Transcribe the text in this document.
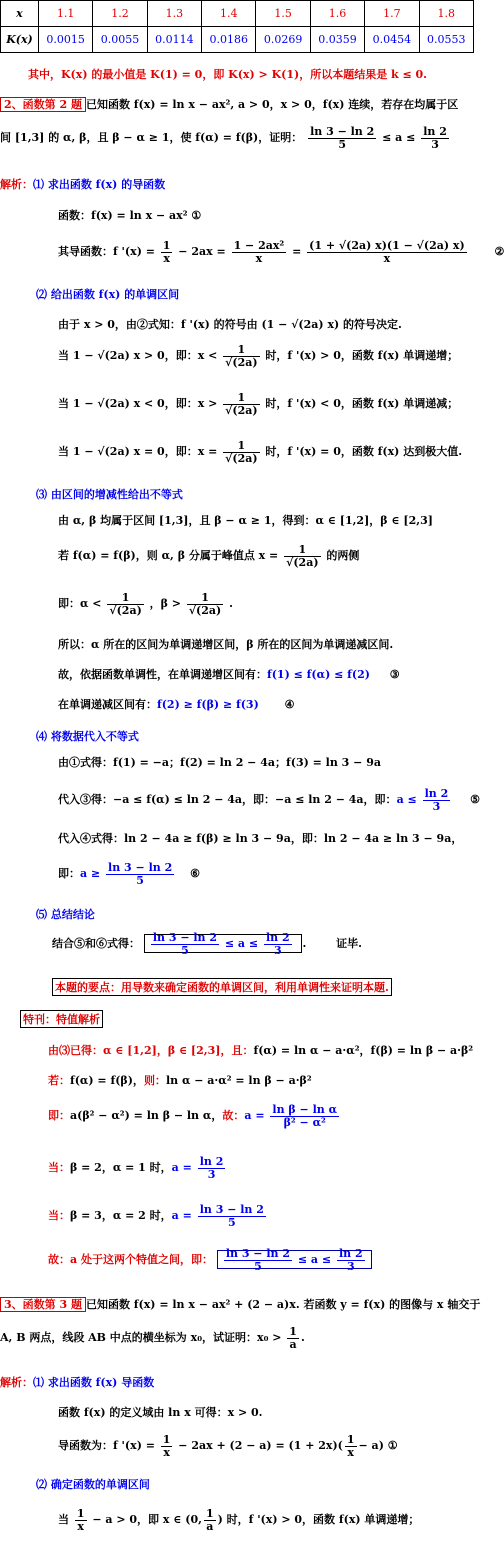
x	1.1	1.2	1.3	1.4	1.5	1.6	1.7	1.8
K(x)	0.0015	0.0055	0.0114	0.0186	0.0269	0.0359	0.0454	0.0553
其中，K(x) 的最小值是 K(1) = 0，即 K(x) > K(1)，所以本题结果是 k ≤ 0.
2、函数第 2 题 已知函数 f(x) = ln x − ax², a > 0，x > 0，f(x) 连续，若存在均属于区
间 [1,3] 的 α, β，且 β − α ≥ 1，使 f(α) = f(β)，证明： $\frac{\ln 3 - \ln 2}{5} \le a \le \frac{\ln 2}{3}$
解析：⑴ 求出函数 f(x) 的导函数
函数：f(x) = ln x − ax² ①
其导函数：f '$(x) = \frac{1}{x} - 2ax = \frac{\text{1 − 2ax²}}{x} = \frac{(1 + √(2a) x)(1 - √(2a) x)}{x}$	②
⑵ 给出函数 f(x) 的单调区间
由于 x > 0，由②式知：f '(x) 的符号由 (1 − √(2a) x) 的符号决定.
当 1 − √(2a) x > 0，即：$x < \frac{1}{√(2a)}$ 时，f '(x) > 0，函数 f(x) 单调递增；
当 1 − √(2a) x < 0，即：$x > \frac{1}{√(2a)}$ 时，f '(x) < 0，函数 f(x) 单调递减；
当 1 − √(2a) x = 0，即：$x = \frac{1}{√(2a)}$ 时，f '(x) = 0，函数 f(x) 达到极大值.
⑶ 由区间的增减性给出不等式
由 α, β 均属于区间 [1,3]，且 β − α ≥ 1，得到：α ∈ [1,2]，β ∈ [2,3]
若 f(α) = f(β)，则 α, β 分属于峰值点 $x = \frac{1}{√(2a)}$ 的两侧
即：$\alpha < \frac{1}{√(2a)}$ ，$\beta > \frac{1}{√(2a)}$ .
所以：α 所在的区间为单调递增区间，β 所在的区间为单调递减区间.
故，依据函数单调性，在单调递增区间有：f(1) ≤ f(α) ≤ f(2) ③
在单调递减区间有：f(2) ≥ f(β) ≥ f(3) ④
⑷ 将数据代入不等式
由①式得：f(1) = −a；f(2) = ln 2 − 4a；f(3) = ln 3 − 9a
代入③得：−a ≤ f(α) ≤ ln 2 − 4a，即：−a ≤ ln 2 − 4a，即：$a \le \frac{\ln 2}{3}$ ⑤
代入④式得：ln 2 − 4a ≥ f(β) ≥ ln 3 − 9a，即：ln 2 − 4a ≥ ln 3 − 9a，
即：$a \ge \frac{\ln 3 - \ln 2}{5}$ ⑥
⑸ 总结结论
结合⑤和⑥式得： $\frac{\ln 3 - \ln 2}{5} \le a \le \frac{\ln 2}{3}$ .	证毕.
本题的要点：用导数来确定函数的单调区间，利用单调性来证明本题.
特刊：特值解析
由⑶已得：α ∈ [1,2]，β ∈ [2,3]，且：f(α) = ln α − a·α²，f(β) = ln β − a·β²
若：f(α) = f(β)，则：ln α − a·α² = ln β − a·β²
即：a(β² − α²) = ln β − ln α，故：$a = \frac{\text{ln β − ln α}}{\text{β² − α²}}$
当：β = 2，α = 1 时，$a = \frac{\ln 2}{3}$
当：β = 3，α = 2 时，$a = \frac{\ln 3 - \ln 2}{5}$
故：a 处于这两个特值之间，即： $\frac{\ln 3 - \ln 2}{5} \le a \le \frac{\ln 2}{3}$
3、函数第 3 题 已知函数 f(x) = ln x − ax² + (2 − a)x. 若函数 y = f(x) 的图像与 x 轴交于
A, B 两点，线段 AB 中点的横坐标为 x₀，试证明：$x_0 > \frac{1}{a}$ .
解析：⑴ 求出函数 f(x) 导函数
函数 f(x) 的定义域由 ln x 可得：x > 0.
导函数为：f '$(x) = \frac{1}{x} - 2ax + (2 - a) = (1 + 2x)( \frac{1}{x} - a)$ ①
⑵ 确定函数的单调区间
当 $\frac{1}{x} - a > 0$，即 x ∈ (0, $\frac{1}{a}$ ) 时，f '(x) > 0，函数 f(x) 单调递增；
